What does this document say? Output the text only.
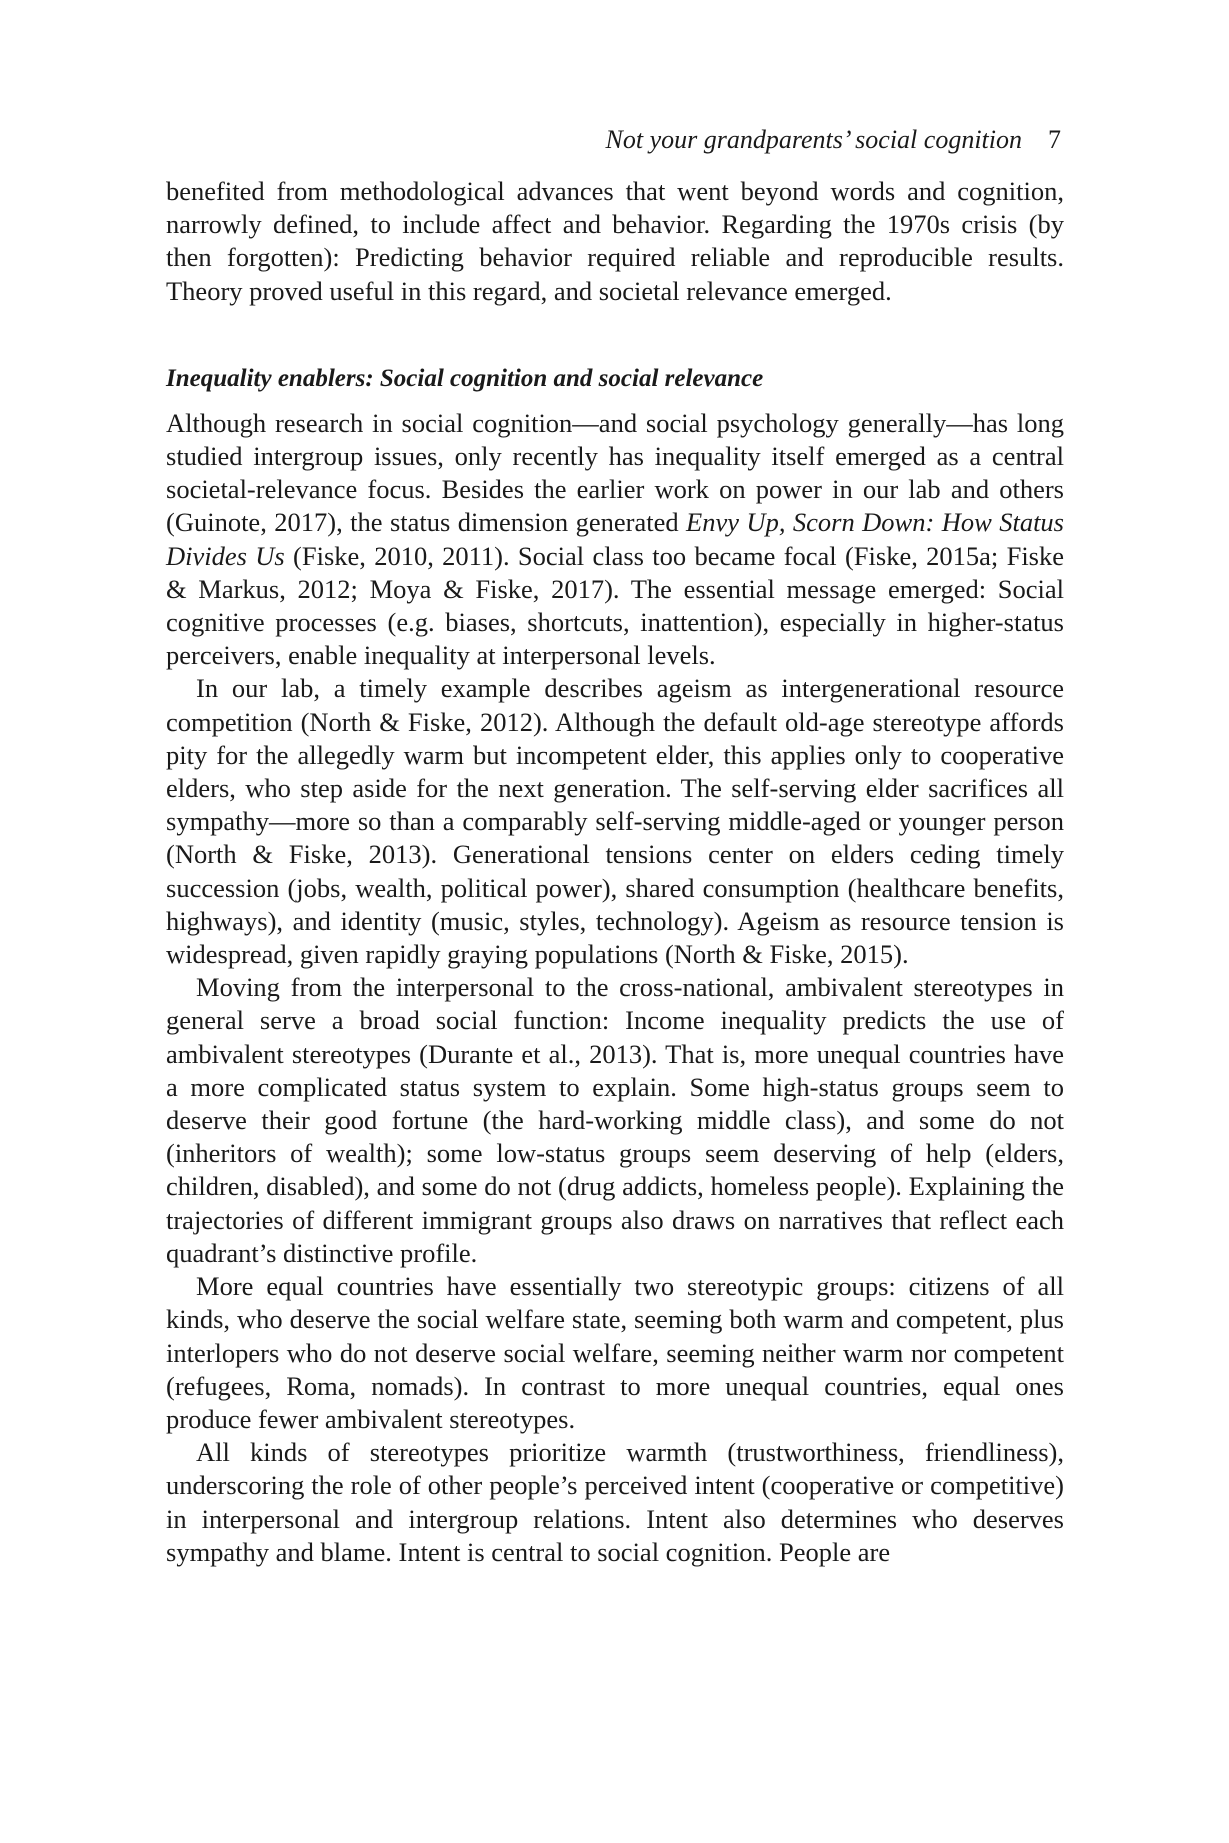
Not your grandparents’ social cognition 7

benefited from methodological advances that went beyond words and cognition, narrowly defined, to include affect and behavior. Regarding the 1970s crisis (by then forgotten): Predicting behavior required reliable and reproducible results. Theory proved useful in this regard, and societal relevance emerged.

Inequality enablers: Social cognition and social relevance

Although research in social cognition—and social psychology generally—has long studied intergroup issues, only recently has inequality itself emerged as a central societal-relevance focus. Besides the earlier work on power in our lab and others (Guinote, 2017), the status dimension generated Envy Up, Scorn Down: How Status Divides Us (Fiske, 2010, 2011). Social class too became focal (Fiske, 2015a; Fiske & Markus, 2012; Moya & Fiske, 2017). The essential message emerged: Social cognitive processes (e.g. biases, shortcuts, inattention), especially in higher-status perceivers, enable inequality at interpersonal levels.

In our lab, a timely example describes ageism as intergenerational resource competition (North & Fiske, 2012). Although the default old-age stereotype affords pity for the allegedly warm but incompetent elder, this applies only to cooperative elders, who step aside for the next generation. The self-serving elder sacrifices all sympathy—more so than a comparably self-serving middle-aged or younger person (North & Fiske, 2013). Generational tensions center on elders ceding timely succession (jobs, wealth, political power), shared consumption (healthcare benefits, highways), and identity (music, styles, technology). Ageism as resource tension is widespread, given rapidly graying populations (North & Fiske, 2015).

Moving from the interpersonal to the cross-national, ambivalent stereotypes in general serve a broad social function: Income inequality predicts the use of ambivalent stereotypes (Durante et al., 2013). That is, more unequal countries have a more complicated status system to explain. Some high-status groups seem to deserve their good fortune (the hard-working middle class), and some do not (inheritors of wealth); some low-status groups seem deserving of help (elders, children, disabled), and some do not (drug addicts, homeless people). Explaining the trajectories of different immigrant groups also draws on narratives that reflect each quadrant’s distinctive profile.

More equal countries have essentially two stereotypic groups: citizens of all kinds, who deserve the social welfare state, seeming both warm and competent, plus interlopers who do not deserve social welfare, seeming neither warm nor competent (refugees, Roma, nomads). In contrast to more unequal countries, equal ones produce fewer ambivalent stereotypes.

All kinds of stereotypes prioritize warmth (trustworthiness, friendliness), underscoring the role of other people’s perceived intent (cooperative or competitive) in interpersonal and intergroup relations. Intent also determines who deserves sympathy and blame. Intent is central to social cognition. People are
